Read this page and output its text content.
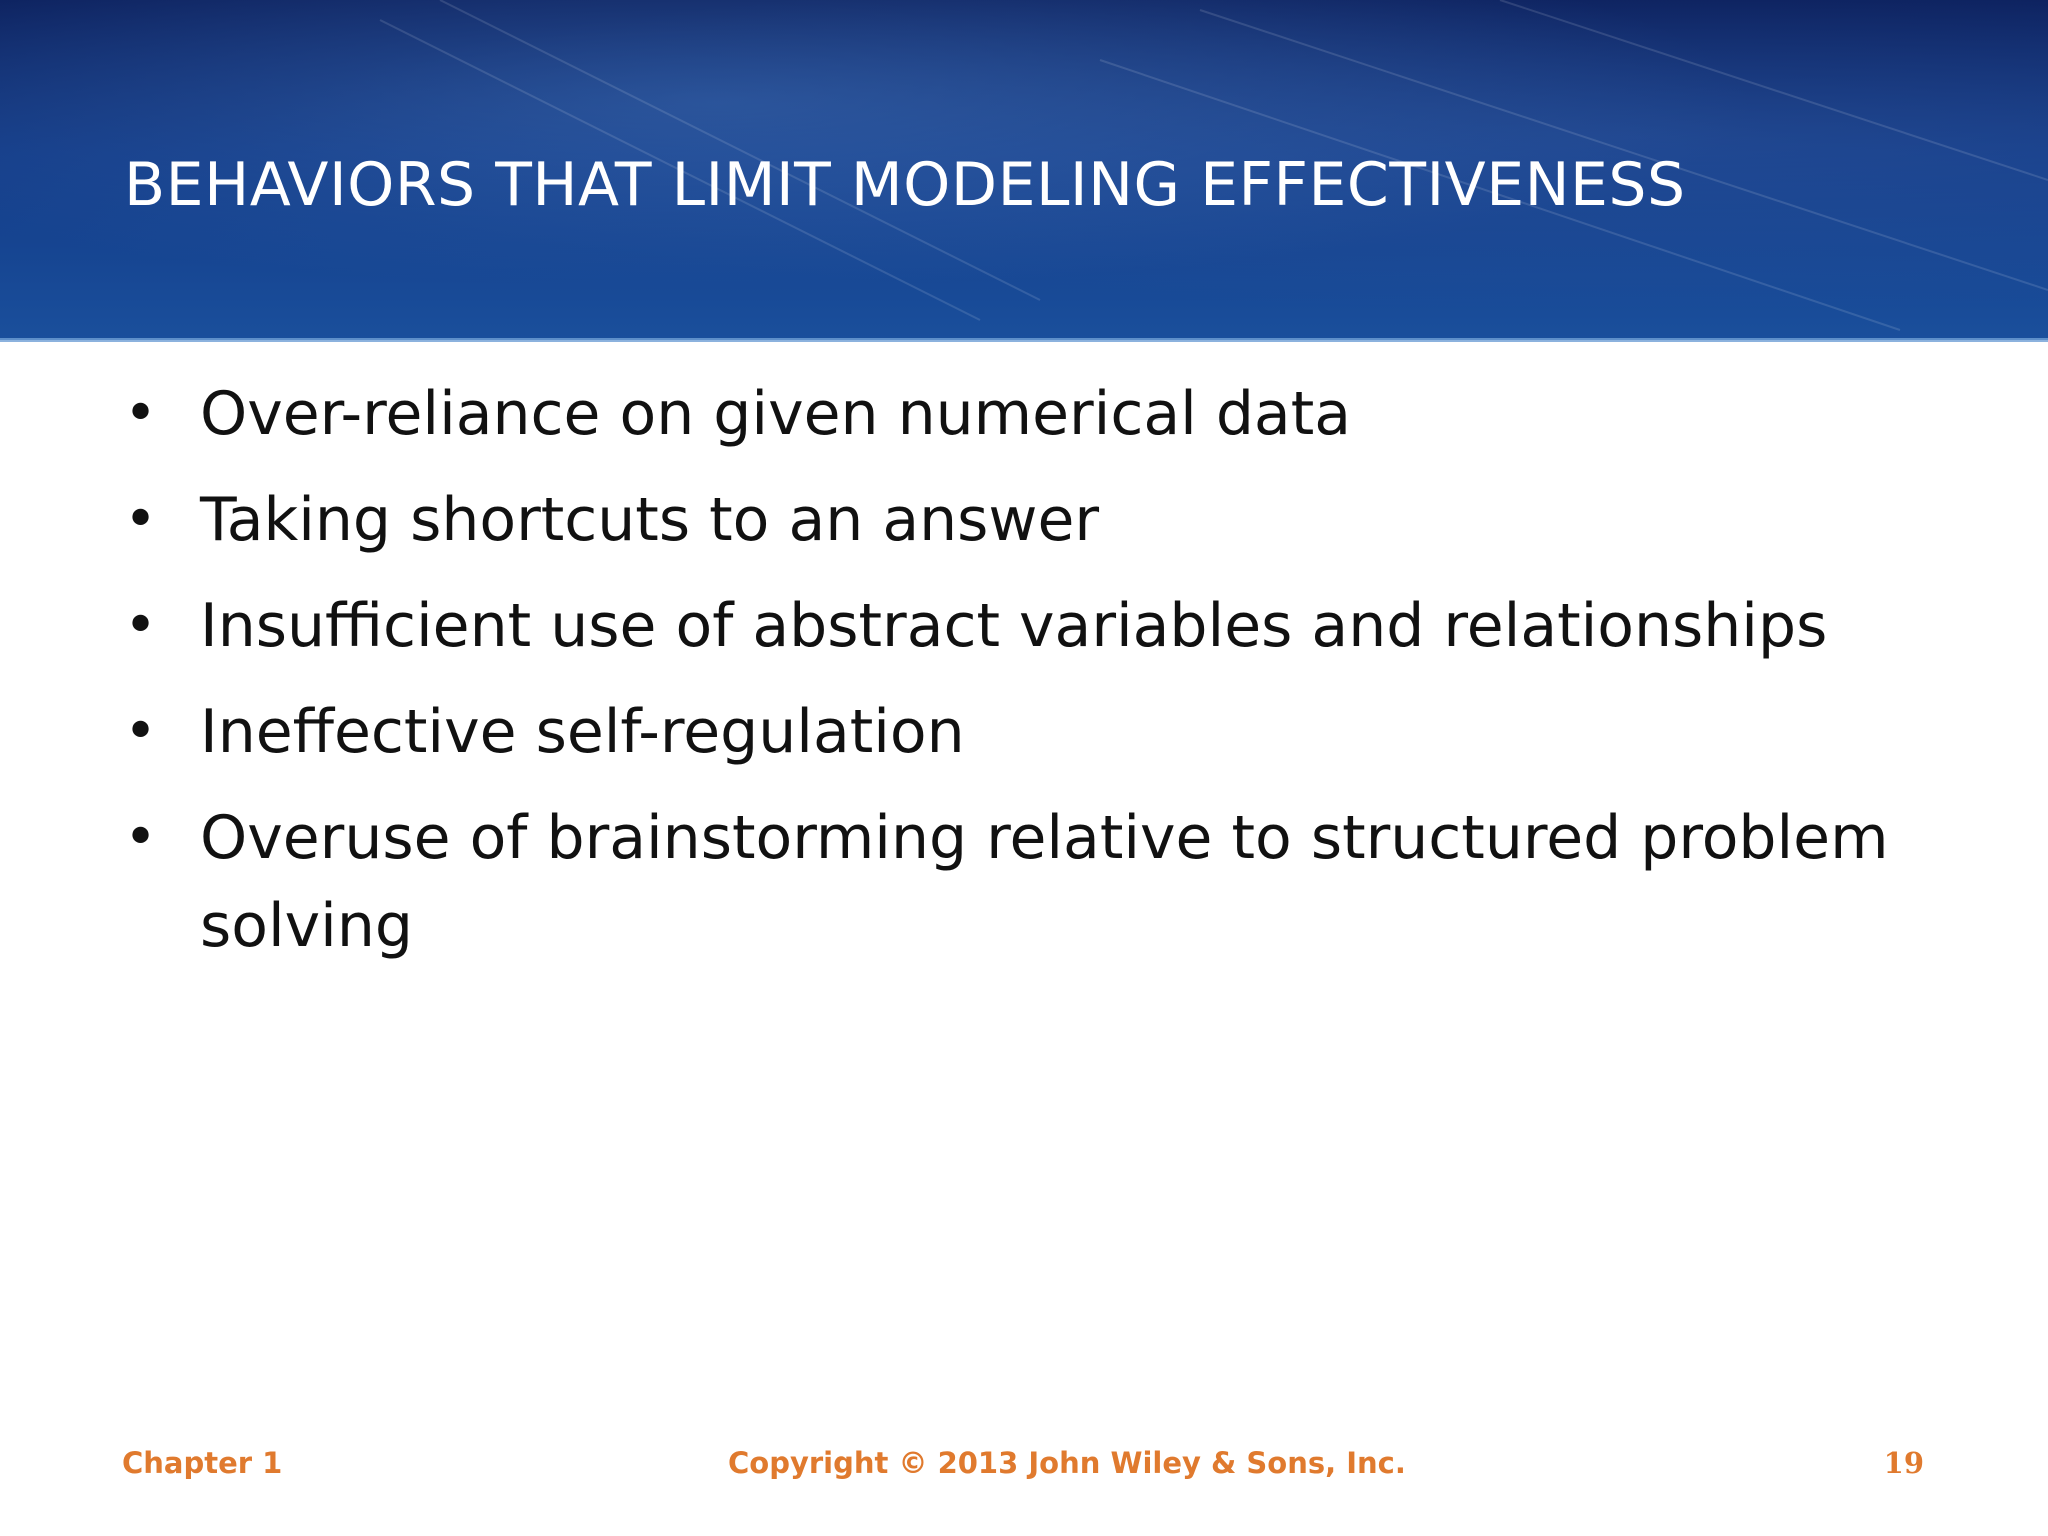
BEHAVIORS THAT LIMIT MODELING EFFECTIVENESS
• Over-reliance on given numerical data
• Taking shortcuts to an answer
• Insufficient use of abstract variables and relationships
• Ineffective self-regulation
• Overuse of brainstorming relative to structured problem solving
Chapter 1	Copyright © 2013 John Wiley & Sons, Inc.	19
